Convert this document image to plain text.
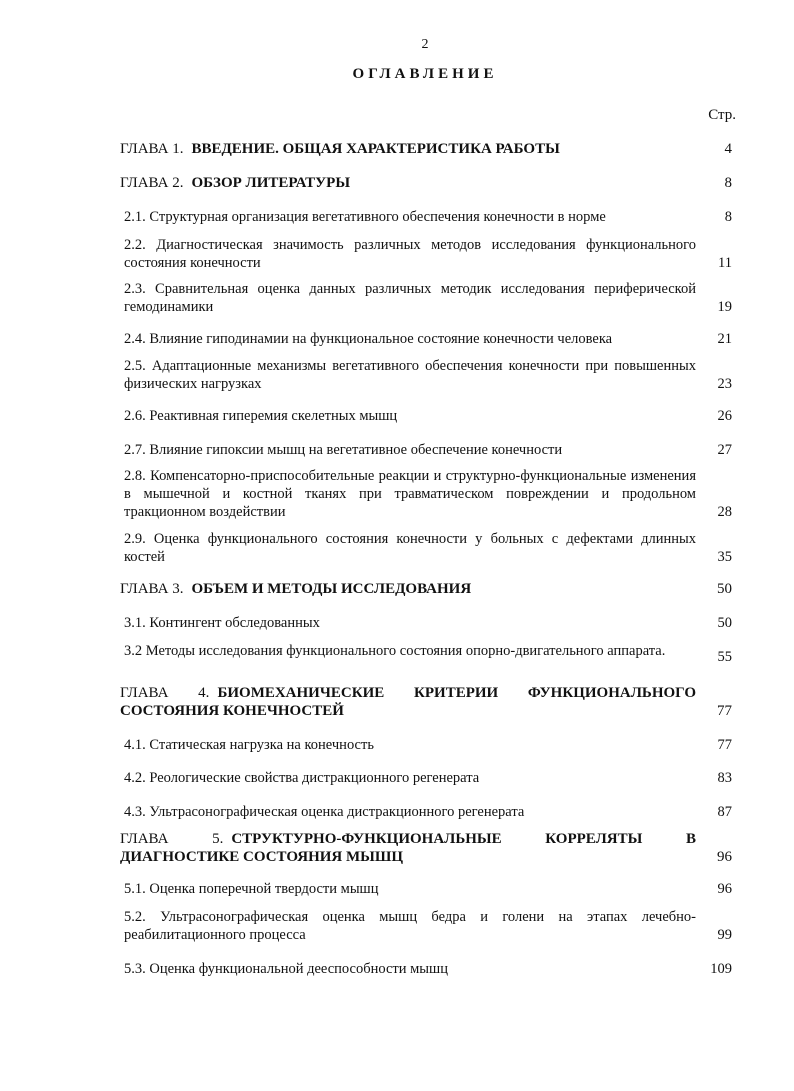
2
ОГЛАВЛЕНИЕ
Стр.
ГЛАВА 1. ВВЕДЕНИЕ. ОБЩАЯ ХАРАКТЕРИСТИКА РАБОТЫ	4
ГЛАВА 2. ОБЗОР ЛИТЕРАТУРЫ	8
2.1. Структурная организация вегетативного обеспечения конечности в норме	8
2.2. Диагностическая значимость различных методов исследования функционального состояния конечности	11
2.3. Сравнительная оценка данных различных методик исследования периферической гемодинамики	19
2.4. Влияние гиподинамии на функциональное состояние конечности человека	21
2.5. Адаптационные механизмы вегетативного обеспечения конечности при повышенных физических нагрузках	23
2.6. Реактивная гиперемия скелетных мышц	26
2.7. Влияние гипоксии мышц на вегетативное обеспечение конечности	27
2.8. Компенсаторно-приспособительные реакции и структурно-функциональные изменения в мышечной и костной тканях при травматическом повреждении и продольном тракционном воздействии	28
2.9. Оценка функционального состояния конечности у больных с дефектами длинных костей	35
ГЛАВА 3. ОБЪЕМ И МЕТОДЫ ИССЛЕДОВАНИЯ	50
3.1. Контингент обследованных	50
3.2 Методы исследования функционального состояния опорно-двигательного аппарата.	55
ГЛАВА 4. БИОМЕХАНИЧЕСКИЕ КРИТЕРИИ ФУНКЦИОНАЛЬНОГО СОСТОЯНИЯ КОНЕЧНОСТЕЙ	77
4.1. Статическая нагрузка на конечность	77
4.2. Реологические свойства дистракционного регенерата	83
4.3. Ультрасонографическая оценка дистракционного регенерата	87
ГЛАВА 5. СТРУКТУРНО-ФУНКЦИОНАЛЬНЫЕ КОРРЕЛЯТЫ В ДИАГНОСТИКЕ СОСТОЯНИЯ МЫШЦ	96
5.1. Оценка поперечной твердости мышц	96
5.2. Ультрасонографическая оценка мышц бедра и голени на этапах лечебно-реабилитационного процесса	99
5.3. Оценка функциональной дееспособности мышц	109
